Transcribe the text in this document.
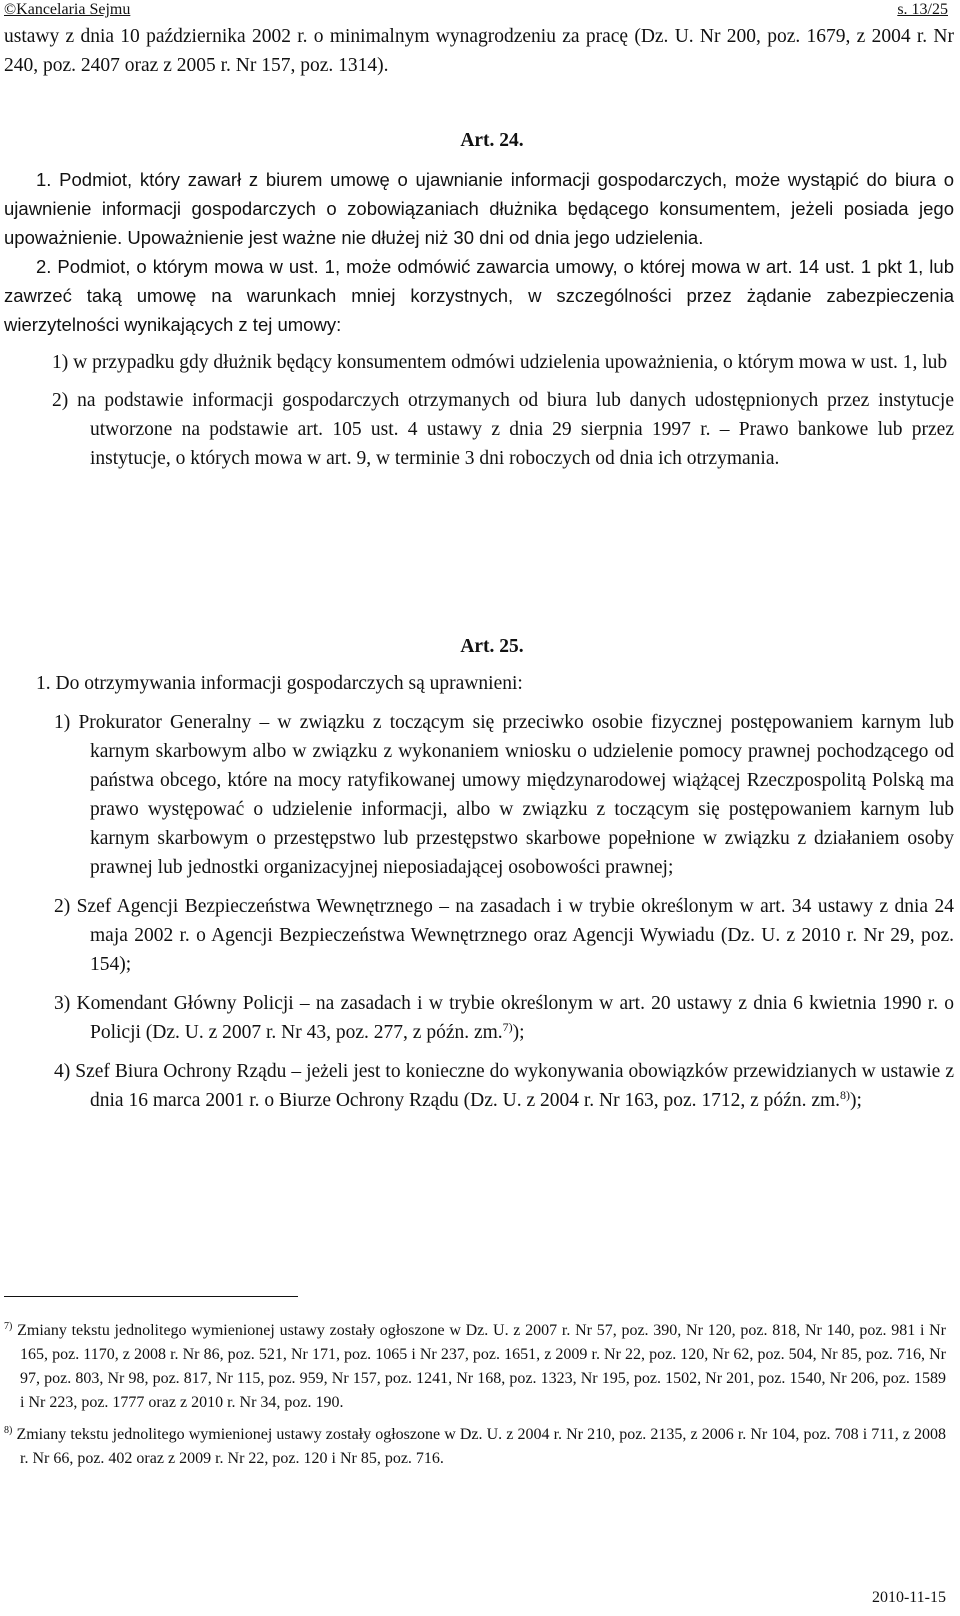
©Kancelaria Sejmu	s. 13/25

ustawy z dnia 10 października 2002 r. o minimalnym wynagrodzeniu za pracę (Dz. U. Nr 200, poz. 1679, z 2004 r. Nr 240, poz. 2407 oraz z 2005 r. Nr 157, poz. 1314).

Art. 24.

1. Podmiot, który zawarł z biurem umowę o ujawnianie informacji gospodarczych, może wystąpić do biura o ujawnienie informacji gospodarczych o zobowiązaniach dłużnika będącego konsumentem, jeżeli posiada jego upoważnienie. Upoważnienie jest ważne nie dłużej niż 30 dni od dnia jego udzielenia.

2. Podmiot, o którym mowa w ust. 1, może odmówić zawarcia umowy, o której mowa w art. 14 ust. 1 pkt 1, lub zawrzeć taką umowę na warunkach mniej korzystnych, w szczególności przez żądanie zabezpieczenia wierzytelności wynikających z tej umowy:

1) w przypadku gdy dłużnik będący konsumentem odmówi udzielenia upoważnienia, o którym mowa w ust. 1, lub

2) na podstawie informacji gospodarczych otrzymanych od biura lub danych udostępnionych przez instytucje utworzone na podstawie art. 105 ust. 4 ustawy z dnia 29 sierpnia 1997 r. – Prawo bankowe lub przez instytucje, o których mowa w art. 9, w terminie 3 dni roboczych od dnia ich otrzymania.

Art. 25.

1. Do otrzymywania informacji gospodarczych są uprawnieni:

1) Prokurator Generalny – w związku z toczącym się przeciwko osobie fizycznej postępowaniem karnym lub karnym skarbowym albo w związku z wykonaniem wniosku o udzielenie pomocy prawnej pochodzącego od państwa obcego, które na mocy ratyfikowanej umowy międzynarodowej wiążącej Rzeczpospolitą Polską ma prawo występować o udzielenie informacji, albo w związku z toczącym się postępowaniem karnym lub karnym skarbowym o przestępstwo lub przestępstwo skarbowe popełnione w związku z działaniem osoby prawnej lub jednostki organizacyjnej nieposiadającej osobowości prawnej;

2) Szef Agencji Bezpieczeństwa Wewnętrznego – na zasadach i w trybie określonym w art. 34 ustawy z dnia 24 maja 2002 r. o Agencji Bezpieczeństwa Wewnętrznego oraz Agencji Wywiadu (Dz. U. z 2010 r. Nr 29, poz. 154);

3) Komendant Główny Policji – na zasadach i w trybie określonym w art. 20 ustawy z dnia 6 kwietnia 1990 r. o Policji (Dz. U. z 2007 r. Nr 43, poz. 277, z późn. zm.$^{7)}$);

4) Szef Biura Ochrony Rządu – jeżeli jest to konieczne do wykonywania obowiązków przewidzianych w ustawie z dnia 16 marca 2001 r. o Biurze Ochrony Rządu (Dz. U. z 2004 r. Nr 163, poz. 1712, z późn. zm.$^{8)}$);

$^{7)}$ Zmiany tekstu jednolitego wymienionej ustawy zostały ogłoszone w Dz. U. z 2007 r. Nr 57, poz. 390, Nr 120, poz. 818, Nr 140, poz. 981 i Nr 165, poz. 1170, z 2008 r. Nr 86, poz. 521, Nr 171, poz. 1065 i Nr 237, poz. 1651, z 2009 r. Nr 22, poz. 120, Nr 62, poz. 504, Nr 85, poz. 716, Nr 97, poz. 803, Nr 98, poz. 817, Nr 115, poz. 959, Nr 157, poz. 1241, Nr 168, poz. 1323, Nr 195, poz. 1502, Nr 201, poz. 1540, Nr 206, poz. 1589 i Nr 223, poz. 1777 oraz z 2010 r. Nr 34, poz. 190.

$^{8)}$ Zmiany tekstu jednolitego wymienionej ustawy zostały ogłoszone w Dz. U. z 2004 r. Nr 210, poz. 2135, z 2006 r. Nr 104, poz. 708 i 711, z 2008 r. Nr 66, poz. 402 oraz z 2009 r. Nr 22, poz. 120 i Nr 85, poz. 716.

2010-11-15
